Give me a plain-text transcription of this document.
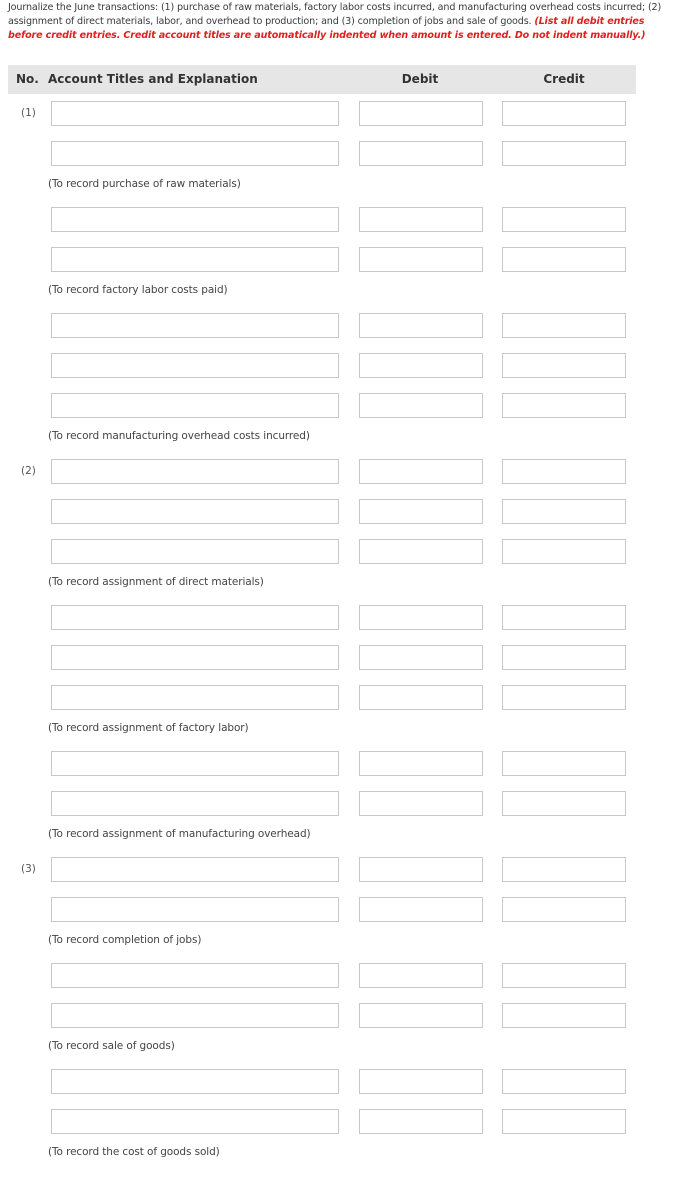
Journalize the June transactions: (1) purchase of raw materials, factory labor costs incurred, and manufacturing overhead costs incurred; (2) assignment of direct materials, labor, and overhead to production; and (3) completion of jobs and sale of goods. (List all debit entries before credit entries. Credit account titles are automatically indented when amount is entered. Do not indent manually.)
No. Account Titles and Explanation	Debit	Credit
(1)
(To record purchase of raw materials)
(To record factory labor costs paid)
(To record manufacturing overhead costs incurred)
(2)
(To record assignment of direct materials)
(To record assignment of factory labor)
(To record assignment of manufacturing overhead)
(3)
(To record completion of jobs)
(To record sale of goods)
(To record the cost of goods sold)
